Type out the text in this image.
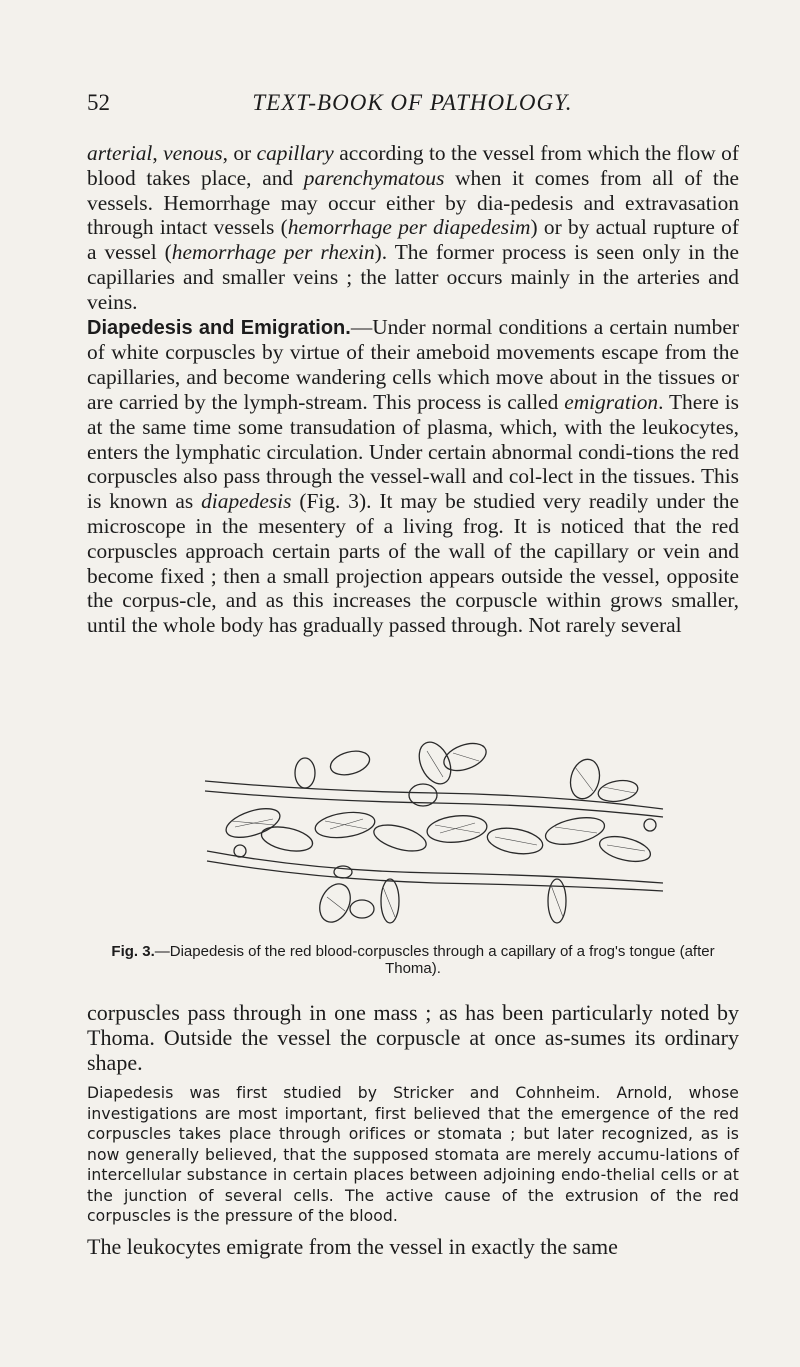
52	TEXT-BOOK OF PATHOLOGY.

arterial, venous, or capillary according to the vessel from which the flow of blood takes place, and parenchymatous when it comes from all of the vessels. Hemorrhage may occur either by dia-pedesis and extravasation through intact vessels (hemorrhage per diapedesim) or by actual rupture of a vessel (hemorrhage per rhexin). The former process is seen only in the capillaries and smaller veins ; the latter occurs mainly in the arteries and veins.

Diapedesis and Emigration.—Under normal conditions a certain number of white corpuscles by virtue of their ameboid movements escape from the capillaries, and become wandering cells which move about in the tissues or are carried by the lymph-stream. This process is called emigration. There is at the same time some transudation of plasma, which, with the leukocytes, enters the lymphatic circulation. Under certain abnormal condi-tions the red corpuscles also pass through the vessel-wall and col-lect in the tissues. This is known as diapedesis (Fig. 3). It may be studied very readily under the microscope in the mesentery of a living frog. It is noticed that the red corpuscles approach certain parts of the wall of the capillary or vein and become fixed ; then a small projection appears outside the vessel, opposite the corpus-cle, and as this increases the corpuscle within grows smaller, until the whole body has gradually passed through. Not rarely several

Fig. 3.—Diapedesis of the red blood-corpuscles through a capillary of a frog's tongue (after Thoma).

corpuscles pass through in one mass ; as has been particularly noted by Thoma. Outside the vessel the corpuscle at once as-sumes its ordinary shape.

Diapedesis was first studied by Stricker and Cohnheim. Arnold, whose investigations are most important, first believed that the emergence of the red corpuscles takes place through orifices or stomata ; but later recognized, as is now generally believed, that the supposed stomata are merely accumu-lations of intercellular substance in certain places between adjoining endo-thelial cells or at the junction of several cells. The active cause of the extrusion of the red corpuscles is the pressure of the blood.

The leukocytes emigrate from the vessel in exactly the same
